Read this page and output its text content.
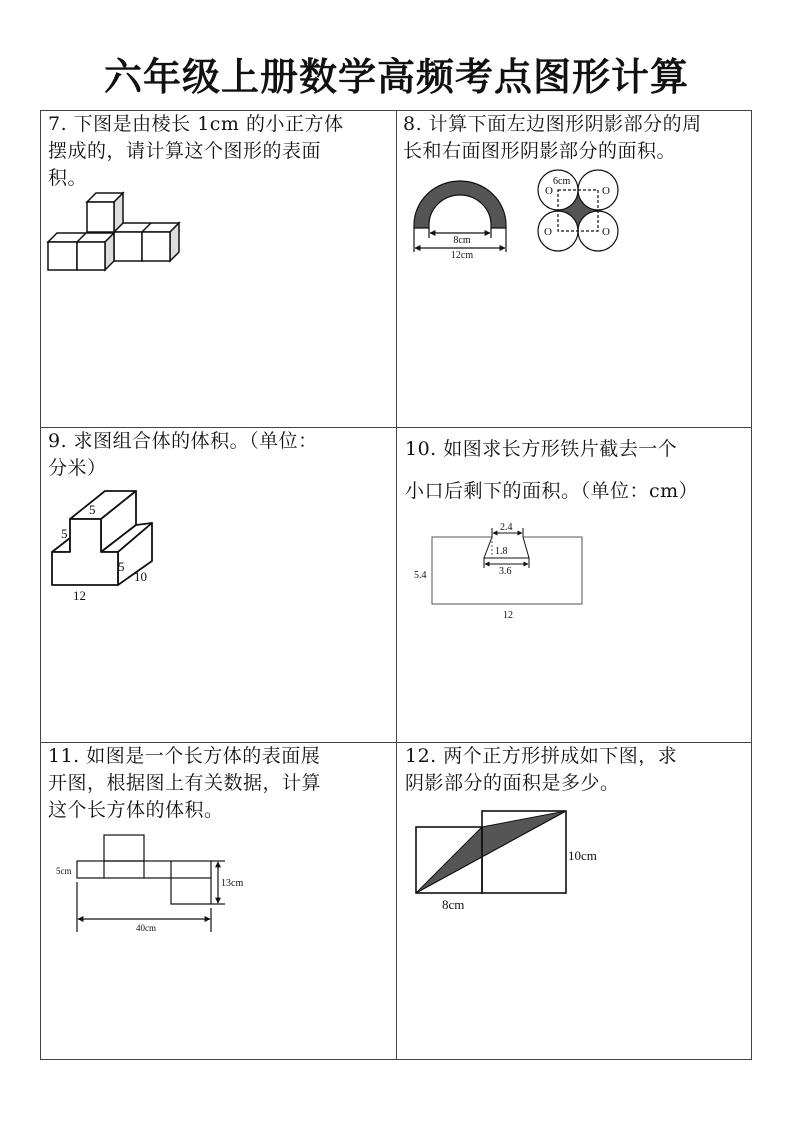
六年级上册数学高频考点图形计算
7. 下图是由棱长 1cm 的小正方体
摆成的，请计算这个图形的表面
积。
8. 计算下面左边图形阴影部分的周
长和右面图形阴影部分的面积。
9. 求图组合体的体积。（单位：
分米）
10. 如图求长方形铁片截去一个
小口后剩下的面积。（单位：cm）
11. 如图是一个长方体的表面展
开图，根据图上有关数据，计算
这个长方体的体积。
12. 两个正方形拼成如下图，求
阴影部分的面积是多少。
8cm
12cm
O	O
O	O
6cm
5
5
5
10
12
2.4
1.8
3.6
5.4
12
5cm
13cm
40cm
10cm
8cm
